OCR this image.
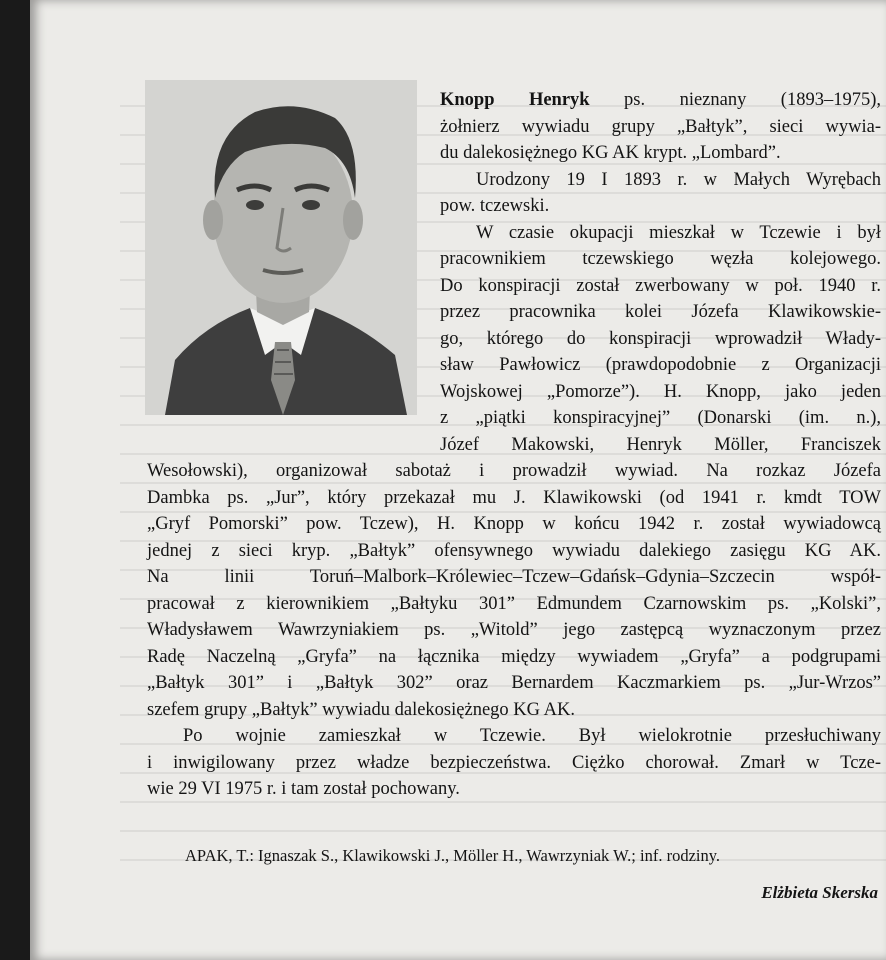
Knopp Henryk ps. nieznany (1893–1975),
żołnierz wywiadu grupy „Bałtyk”, sieci wywia-
du dalekosiężnego KG AK krypt. „Lombard”.
Urodzony 19 I 1893 r. w Małych Wyrębach
pow. tczewski.
W czasie okupacji mieszkał w Tczewie i był
pracownikiem tczewskiego węzła kolejowego.
Do konspiracji został zwerbowany w poł. 1940 r.
przez pracownika kolei Józefa Klawikowskie-
go, którego do konspiracji wprowadził Włady-
sław Pawłowicz (prawdopodobnie z Organizacji
Wojskowej „Pomorze”). H. Knopp, jako jeden
z „piątki konspiracyjnej” (Donarski (im. n.),
Józef Makowski, Henryk Möller, Franciszek
Wesołowski), organizował sabotaż i prowadził wywiad. Na rozkaz Józefa
Dambka ps. „Jur”, który przekazał mu J. Klawikowski (od 1941 r. kmdt TOW
„Gryf Pomorski” pow. Tczew), H. Knopp w końcu 1942 r. został wywiadowcą
jednej z sieci kryp. „Bałtyk” ofensywnego wywiadu dalekiego zasięgu KG AK.
Na linii Toruń–Malbork–Królewiec–Tczew–Gdańsk–Gdynia–Szczecin współ-
pracował z kierownikiem „Bałtyku 301” Edmundem Czarnowskim ps. „Kolski”,
Władysławem Wawrzyniakiem ps. „Witold” jego zastępcą wyznaczonym przez
Radę Naczelną „Gryfa” na łącznika między wywiadem „Gryfa” a podgrupami
„Bałtyk 301” i „Bałtyk 302” oraz Bernardem Kaczmarkiem ps. „Jur-Wrzos”
szefem grupy „Bałtyk” wywiadu dalekosiężnego KG AK.
Po wojnie zamieszkał w Tczewie. Był wielokrotnie przesłuchiwany
i inwigilowany przez władze bezpieczeństwa. Ciężko chorował. Zmarł w Tcze-
wie 29 VI 1975 r. i tam został pochowany.
APAK, T.: Ignaszak S., Klawikowski J., Möller H., Wawrzyniak W.; inf. rodziny.
Elżbieta Skerska
